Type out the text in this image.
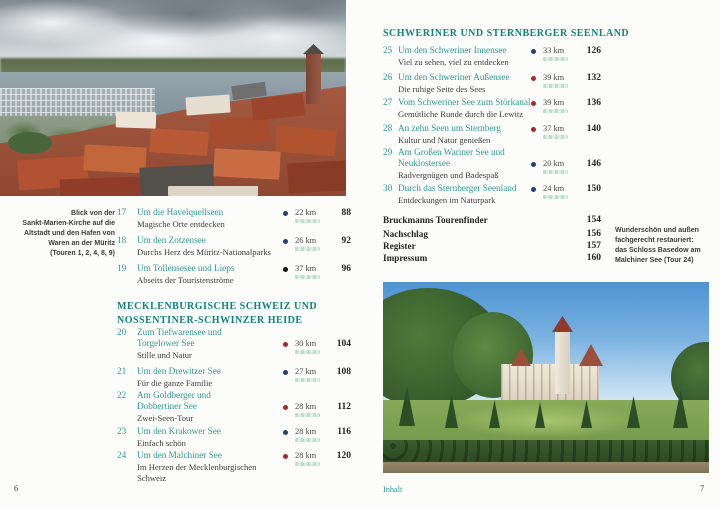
Blick von der
Sankt-Marien-Kirche auf die
Altstadt und den Hafen von
Waren an der Müritz
(Touren 1, 2, 4, 8, 9)
17 Um die Havelquellseen
Magische Orte entdecken
22 km	88
18 Um den Zotzensee
Durchs Herz des Müritz-Nationalparks
26 km	92
19 Um Tollensesee und Lieps
Abseits der Touristenströme
37 km	96
MECKLENBURGISCHE SCHWEIZ UND
NOSSENTINER-SCHWINZER HEIDE
20 Zum Tiefwarensee und
Torgelower See
Stille und Natur
30 km	104
21 Um den Drewitzer See
Für die ganze Familie
27 km	108
22 Am Goldberger und
Dobbertiner See
Zwei-Seen-Tour
28 km	112
23 Um den Krakower See
Einfach schön
28 km	116
24 Um den Malchiner See
Im Herzen der Mecklenburgischen
Schweiz
28 km	120
SCHWERINER UND STERNBERGER SEENLAND
25 Um den Schweriner Innensee
Viel zu sehen, viel zu entdecken
33 km	126
26 Um den Schweriner Außensee
Die ruhige Seite des Sees
39 km	132
27 Vom Schweriner See zum Störkanal
Gemütliche Runde durch die Lewitz
39 km	136
28 An zehn Seen um Sternberg
Kultur und Natur genießen
37 km	140
29 Am Großen Wariner See und
Neuklostersee
Radvergnügen und Badespaß
20 km	146
30 Durch das Sternberger Seenland
Entdeckungen im Naturpark
24 km	150
Bruckmanns Tourenfinder	154
Nachschlag	156
Register	157
Impressum	160
Wunderschön und außen
fachgerecht restauriert:
das Schloss Basedow am
Malchiner See (Tour 24)
6	Inhalt	7
